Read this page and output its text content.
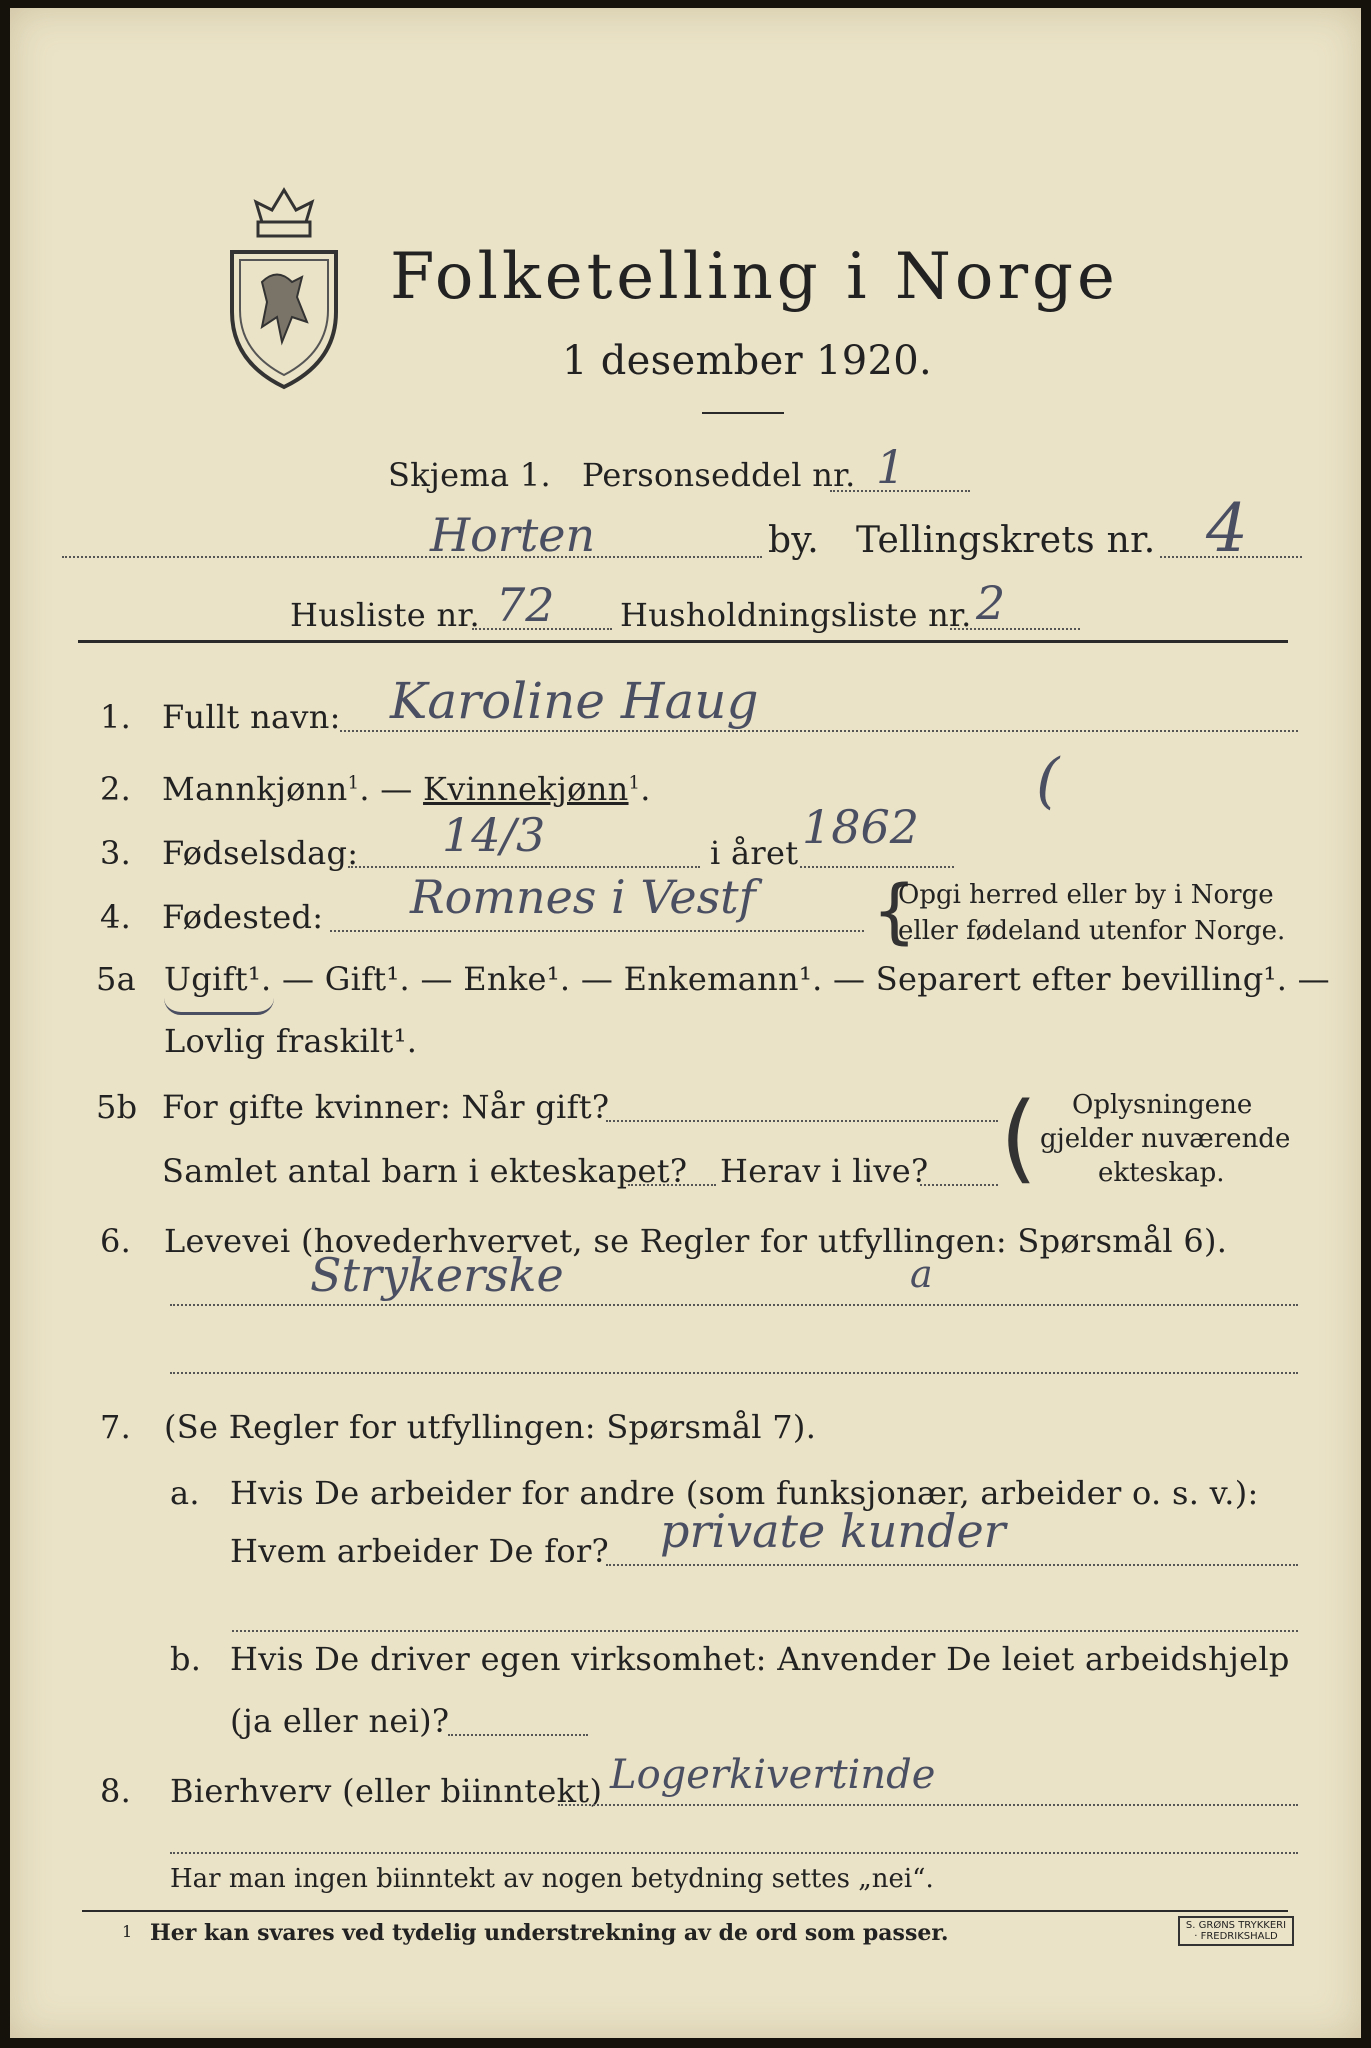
Folketelling i Norge
1 desember 1920.
Skjema 1. Personseddel nr. 1
Horten	by. Tellingskrets nr. 4
Husliste nr. 72 Husholdningsliste nr. 2
1. Fullt navn: Karoline Haug
2. Mannkjønn$^1$. — Kvinnekjønn$^1$.	(
3. Fødselsdag: 14/3	i året 1862
4. Fødested: Romnes i Vestf {
Opgi herred eller by i Norge
eller fødeland utenfor Norge.
5a Ugift¹. — Gift¹. — Enke¹. — Enkemann¹. — Separert efter bevilling¹. —
Lovlig fraskilt¹.
5b For gifte kvinner: Når gift?
Samlet antal barn i ekteskapet? Herav i live? ( Oplysningene
gjelder nuværende
ekteskap.
6. Levevei (hovederhvervet, se Regler for utfyllingen: Spørsmål 6).
Strykerske	a
7. (Se Regler for utfyllingen: Spørsmål 7).
a. Hvis De arbeider for andre (som funksjonær, arbeider o. s. v.):
Hvem arbeider De for? private kunder
b. Hvis De driver egen virksomhet: Anvender De leiet arbeidshjelp
(ja eller nei)?
8. Bierhverv (eller biinntekt) Logerkivertinde
Har man ingen biinntekt av nogen betydning settes „nei“.
1 Her kan svares ved tydelig understrekning av de ord som passer.	S. GRØNS TRYKKERI · FREDRIKSHALD
